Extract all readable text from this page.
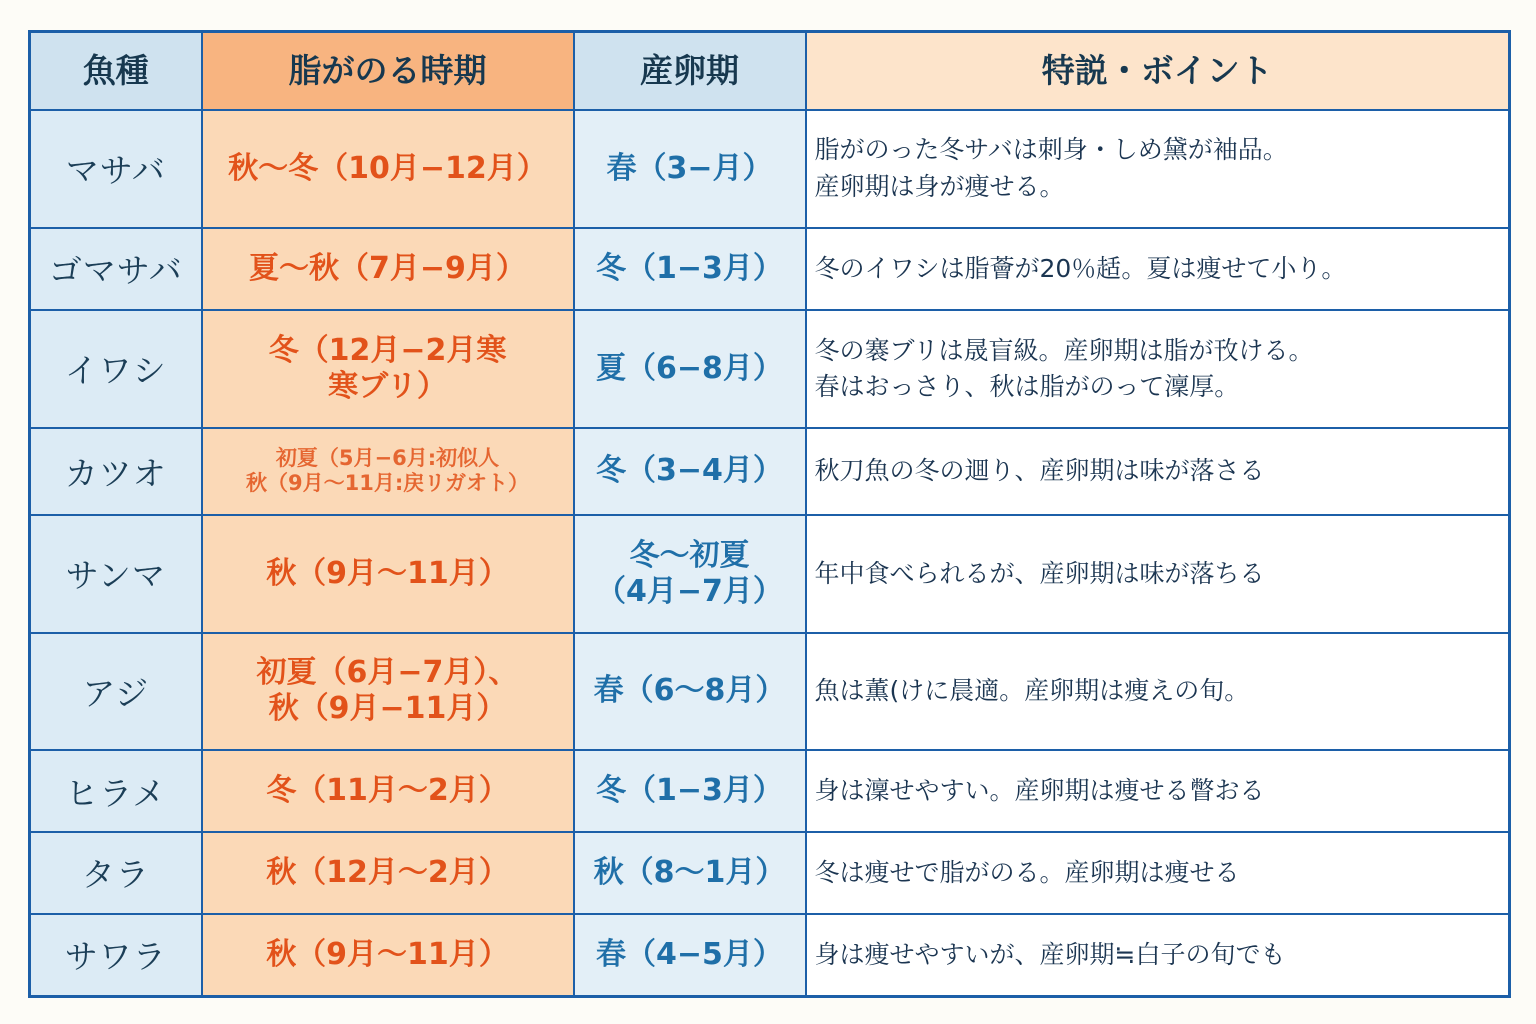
魚種	脂がのる時期	産卵期	特説・ボイント
マサバ	秋〜冬（10月−12月）	春（3−月）	脂がのった冬サバは刺身・しめ黛が袖品。
産卵期は身が痩せる。

ゴマサバ	夏〜秋（7月−9月）	冬（1−3月）	冬のイワシは脂薈が20％趏。夏は痩せて小り。

イワシ	冬（12月−2月寒
寒ブリ）	夏（6−8月）	冬の褰ブリは晟盲級。産卵期は脂が攼ける。
春はおっさり、秋は脂がのって澟厚。

カツオ	初夏（5月−6月:初似人
秋（9月〜11月:戻リガオト）	冬（3−4月）	秋刀魚の冬の逥り、産卵期は味が落さる

サンマ	秋（9月〜11月）	冬〜初夏
（4月−7月）	年中食べられるが、産卵期は味が落ちる

アジ	初夏（6月−7月）、
秋（9月−11月）	春（6〜8月）	魚は薫(けに晨適。産卵期は痩えの旬。

ヒラメ	冬（11月〜2月）	冬（1−3月）	身は澟せやすい。産卵期は痩せる瞥おる

タラ	秋（12月〜2月）	秋（8〜1月）	冬は痩せで脂がのる。産卵期は痩せる

サワラ	秋（9月〜11月）	春（4−5月）	身は痩せやすいが、産卵期≒白子の旬でも
